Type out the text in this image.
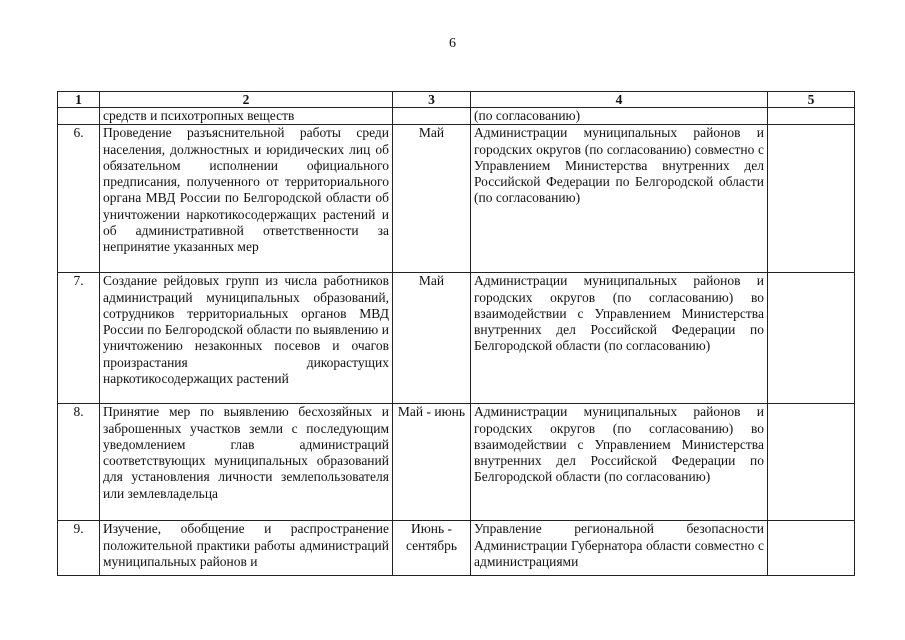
6
1	2	3	4	5
	средств и психотропных веществ		(по согласованию)	
6.	Проведение разъяснительной работы среди населения, должностных и юридических лиц об обязательном исполнении официального предписания, полученного от территориального органа МВД России по Белгородской области об уничтожении наркотикосодержащих растений и об административной ответственности за непринятие указанных мер	Май	Администрации муниципальных районов и городских округов (по согласованию) совместно с Управлением Министерства внутренних дел Российской Федерации по Белгородской области (по согласованию)	
7.	Создание рейдовых групп из числа работников администраций муниципальных образований, сотрудников территориальных органов МВД России по Белгородской области по выявлению и уничтожению незаконных посевов и очагов произрастания дикорастущих наркотикосодержащих растений	Май	Администрации муниципальных районов и городских округов (по согласованию) во взаимодействии с Управлением Министерства внутренних дел Российской Федерации по Белгородской области (по согласованию)	
8.	Принятие мер по выявлению бесхозяйных и заброшенных участков земли с последующим уведомлением глав администраций соответствующих муниципальных образований для установления личности землепользователя или землевладельца	Май - июнь	Администрации муниципальных районов и городских округов (по согласованию) во взаимодействии с Управлением Министерства внутренних дел Российской Федерации по Белгородской области (по согласованию)	
9.	Изучение, обобщение и распространение положительной практики работы администраций муниципальных районов и	Июнь - сентябрь	Управление региональной безопасности Администрации Губернатора области совместно с администрациями	
